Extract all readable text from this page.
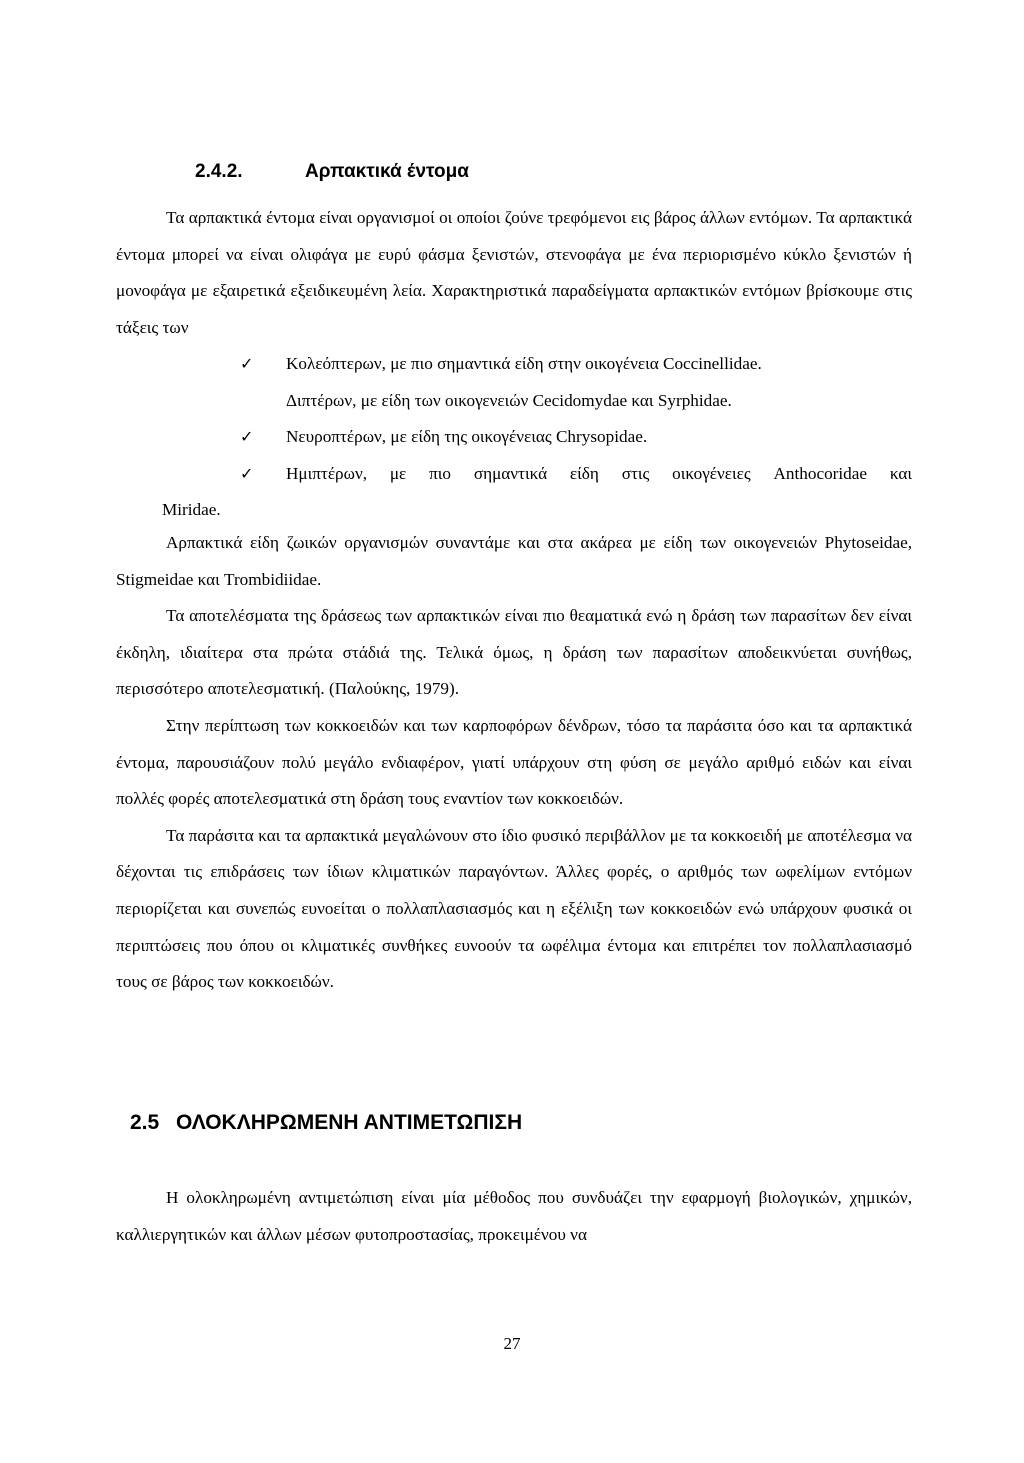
2.4.2.	Αρπακτικά έντομα

Τα αρπακτικά έντομα είναι οργανισμοί οι οποίοι ζούνε τρεφόμενοι εις βάρος άλλων εντόμων. Τα αρπακτικά έντομα μπορεί να είναι ολιφάγα με ευρύ φάσμα ξενιστών, στενοφάγα με ένα περιορισμένο κύκλο ξενιστών ή μονοφάγα με εξαιρετικά εξειδικευμένη λεία. Χαρακτηριστικά παραδείγματα αρπακτικών εντόμων βρίσκουμε στις τάξεις των

✓ Κολεόπτερων, με πιο σημαντικά είδη στην οικογένεια Coccinellidae.
Διπτέρων, με είδη των οικογενειών Cecidomydae και Syrphidae.
✓ Νευροπτέρων, με είδη της οικογένειας Chrysopidae.
✓ Ημιπτέρων, με πιο σημαντικά είδη στις οικογένειες Anthocoridae και
Miridae.

Αρπακτικά είδη ζωικών οργανισμών συναντάμε και στα ακάρεα με είδη των οικογενειών Phytoseidae, Stigmeidae και Trombidiidae.

Τα αποτελέσματα της δράσεως των αρπακτικών είναι πιο θεαματικά ενώ η δράση των παρασίτων δεν είναι έκδηλη, ιδιαίτερα στα πρώτα στάδιά της. Τελικά όμως, η δράση των παρασίτων αποδεικνύεται συνήθως, περισσότερο αποτελεσματική. (Παλούκης, 1979).

Στην περίπτωση των κοκκοειδών και των καρποφόρων δένδρων, τόσο τα παράσιτα όσο και τα αρπακτικά έντομα, παρουσιάζουν πολύ μεγάλο ενδιαφέρον, γιατί υπάρχουν στη φύση σε μεγάλο αριθμό ειδών και είναι πολλές φορές αποτελεσματικά στη δράση τους εναντίον των κοκκοειδών.

Τα παράσιτα και τα αρπακτικά μεγαλώνουν στο ίδιο φυσικό περιβάλλον με τα κοκκοειδή με αποτέλεσμα να δέχονται τις επιδράσεις των ίδιων κλιματικών παραγόντων. Άλλες φορές, ο αριθμός των ωφελίμων εντόμων περιορίζεται και συνεπώς ευνοείται ο πολλαπλασιασμός και η εξέλιξη των κοκκοειδών ενώ υπάρχουν φυσικά οι περιπτώσεις που όπου οι κλιματικές συνθήκες ευνοούν τα ωφέλιμα έντομα και επιτρέπει τον πολλαπλασιασμό τους σε βάρος των κοκκοειδών.

2.5 ΟΛΟΚΛΗΡΩΜΕΝΗ ΑΝΤΙΜΕΤΩΠΙΣΗ

Η ολοκληρωμένη αντιμετώπιση είναι μία μέθοδος που συνδυάζει την εφαρμογή βιολογικών, χημικών, καλλιεργητικών και άλλων μέσων φυτοπροστασίας, προκειμένου να

27
